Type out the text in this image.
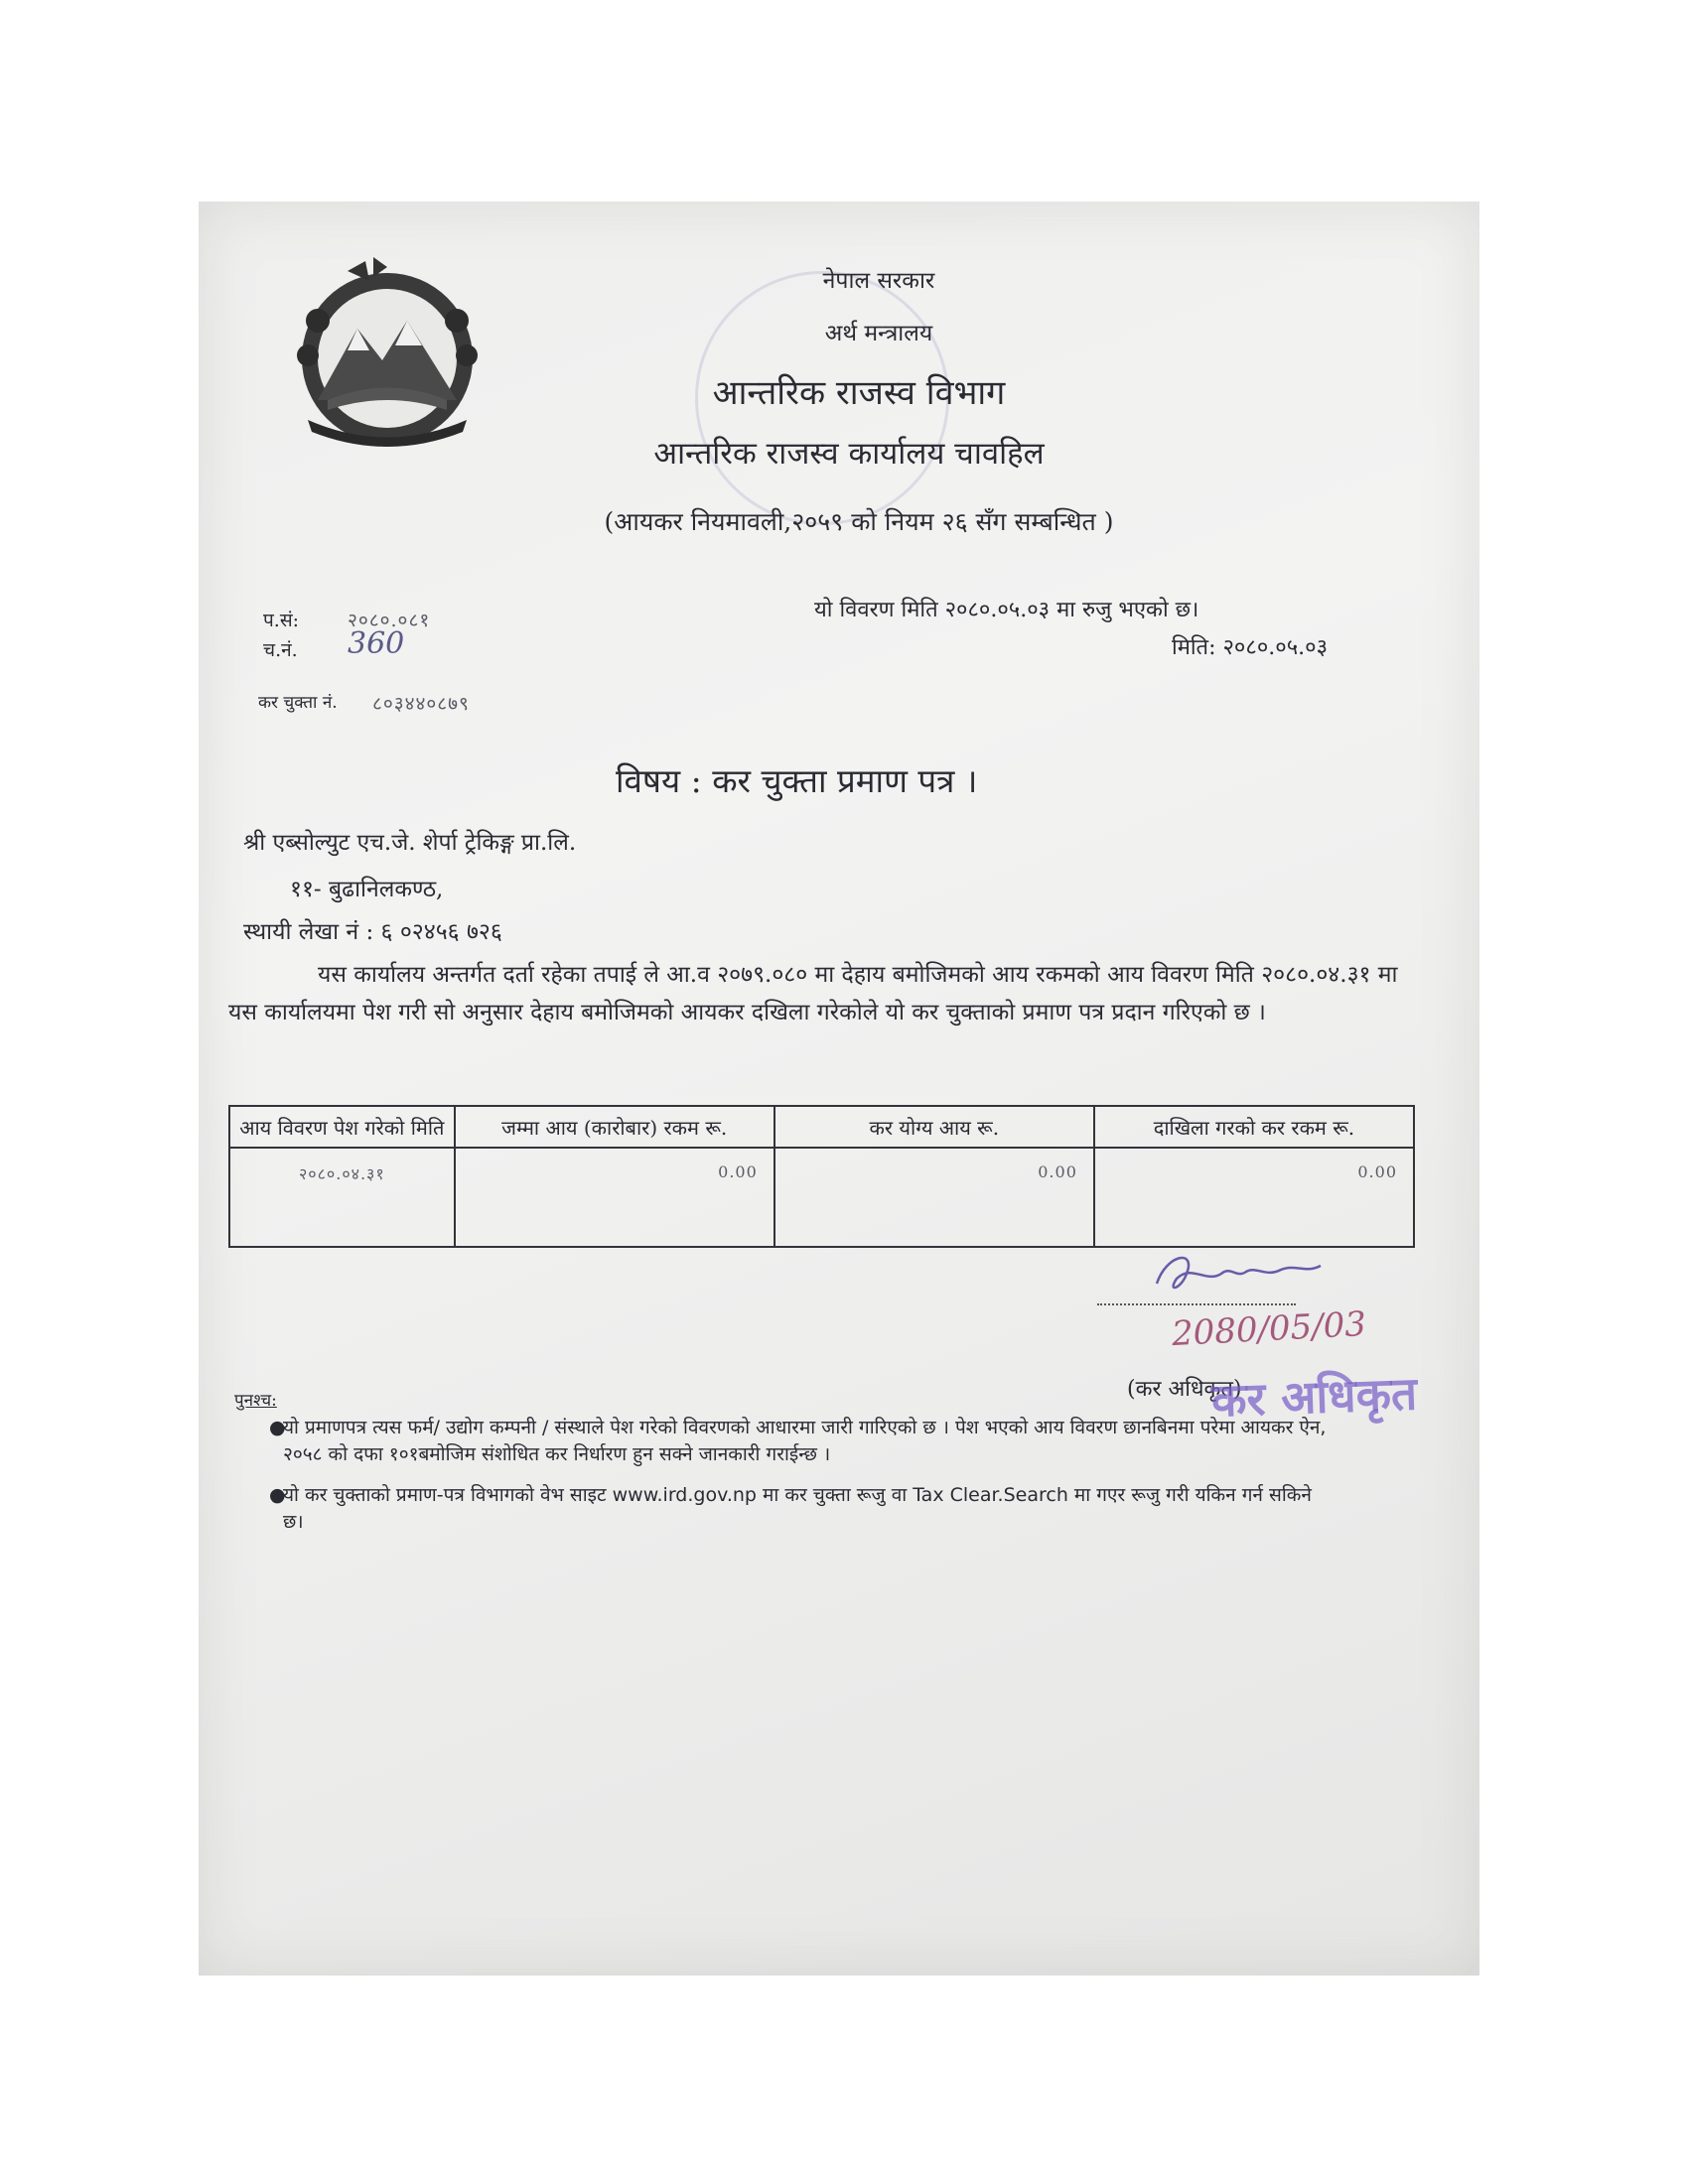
नेपाल सरकार
अर्थ मन्त्रालय
आन्तरिक राजस्व विभाग
आन्तरिक राजस्व कार्यालय चावहिल
(आयकर नियमावली,२०५९ को नियम २६ सँग सम्बन्धित )
प.सं:	२०८०.०८१
च.नं. 360
कर चुक्ता नं. ८०३४४०८७९
यो विवरण मिति २०८०.०५.०३ मा रुजु भएको छ।
मिति: २०८०.०५.०३
विषय : कर चुक्ता प्रमाण पत्र ।
श्री एब्सोल्युट एच.जे. शेर्पा ट्रेकिङ्ग प्रा.लि.
११- बुढानिलकण्ठ,
स्थायी लेखा नं : ६ ०२४५६ ७२६
यस कार्यालय अन्तर्गत दर्ता रहेका तपाई ले आ.व २०७९.०८० मा देहाय बमोजिमको आय रकमको आय विवरण मिति २०८०.०४.३१ मा यस कार्यालयमा पेश गरी सो अनुसार देहाय बमोजिमको आयकर दखिला गरेकोले यो कर चुक्ताको प्रमाण पत्र प्रदान गरिएको छ ।
आय विवरण पेश गरेको मिति	जम्मा आय (कारोबार) रकम रू.	कर योग्य आय रू.	दाखिला गरको कर रकम रू.
२०८०.०४.३१	0.00	0.00	0.00
2080/05/03
(कर अधिकृत)
कर अधिकृत
पुनश्च:
●
यो प्रमाणपत्र त्यस फर्म/ उद्योग कम्पनी / संस्थाले पेश गरेको विवरणको आधारमा जारी गारिएको छ । पेश भएको आय विवरण छानबिनमा परेमा आयकर ऐन, २०५८ को दफा १०१बमोजिम संशोधित कर निर्धारण हुन सक्ने जानकारी गराईन्छ ।
●
यो कर चुक्ताको प्रमाण-पत्र विभागको वेभ साइट www.ird.gov.np मा कर चुक्ता रूजु वा Tax Clear.Search मा गएर रूजु गरी यकिन गर्न सकिने छ।
